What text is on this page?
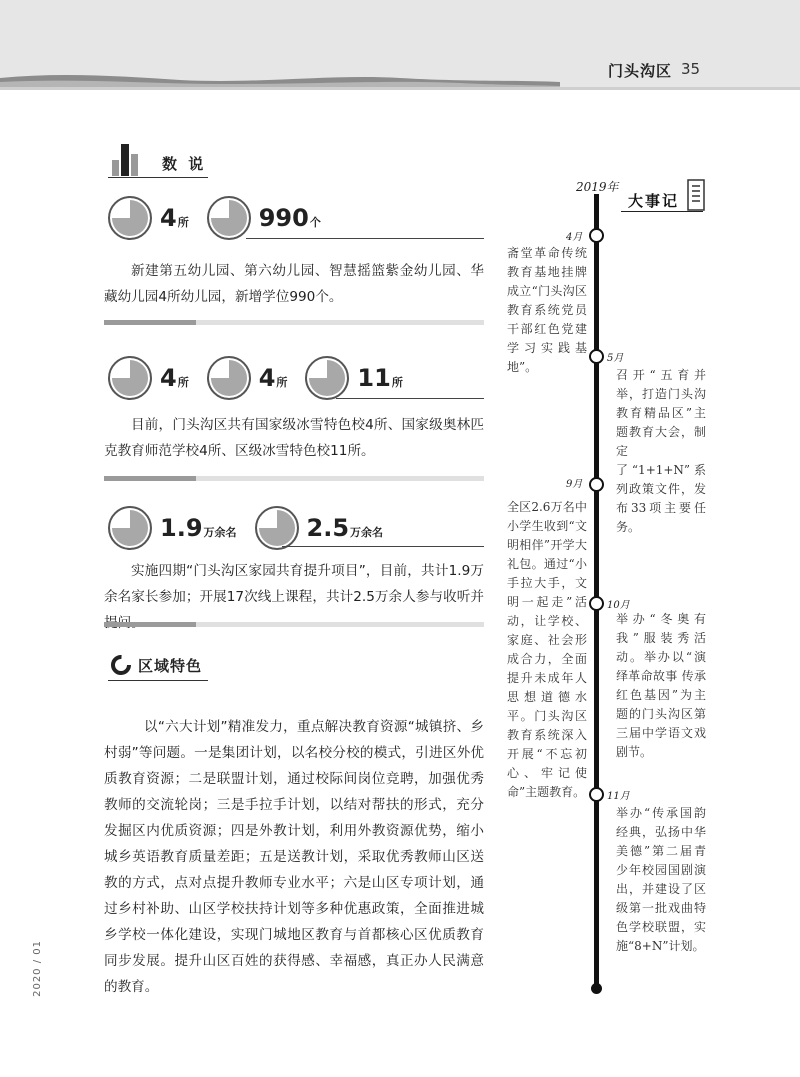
门头沟区 35
数 说
4 所	990 个
新建第五幼儿园、第六幼儿园、智慧摇篮紫金幼儿园、华藏幼儿园4所幼儿园，新增学位990个。
4 所	4 所	11 所
目前，门头沟区共有国家级冰雪特色校4所、国家级奥林匹克教育师范学校4所、区级冰雪特色校11所。
1.9 万余名	2.5 万余名
实施四期“门头沟区家园共育提升项目”，目前，共计1.9万余名家长参加；开展17次线上课程，共计2.5万余人参与收听并
区域特色
以“六大计划”精准发力，重点解决教育资源“城镇挤、乡村弱”等问题。一是集团计划，以名校分校的模式，引进区外优质教育资源；二是联盟计划，通过校际间岗位竞聘，加强优秀教师的交流轮岗；三是手拉手计划，以结对帮扶的形式，充分发掘区内优质资源；四是外教计划，利用外教资源优势，缩小城乡英语教育质量差距；五是送教计划，采取优秀教师山区送教的方式，点对点提升教师专业水平；六是山区专项计划，通过乡村补助、山区学校扶持计划等多种优惠政策，全面推进城乡学校一体化建设，实现门城地区教育与首都核心区优质教育同步发展。提升山区百姓的获得感、幸福感，真正办人民满意的教育。
2019年
大事记
4月
斋堂革命传统教育基地挂牌成立“门头沟区教育系统党员干部红色党建学习实践基地”。
5月
召开“五育并举，打造门头沟教育精品区”主题教育大会，制定了“1+1+N”系列政策文件，发布33项主要任务。
9月
全区2.6万名中小学生收到“文明相伴”开学大礼包。通过“小手拉大手，文明一起走”活动，让学校、家庭、社会形成合力，全面提升未成年人思想道德水平。门头沟区教育系统深入开展“不忘初心、牢记使命”主题教育。
10月
举办“冬奥有我”服装秀活动。举办以“演绎革命故事 传承红色基因”为主题的门头沟区第三届中学语文戏剧节。
11月
举办“传承国韵经典，弘扬中华美德”第二届青少年校园国剧演出，并建设了区级第一批戏曲特色学校联盟，实施“8+N”计划。
2020 / 01
